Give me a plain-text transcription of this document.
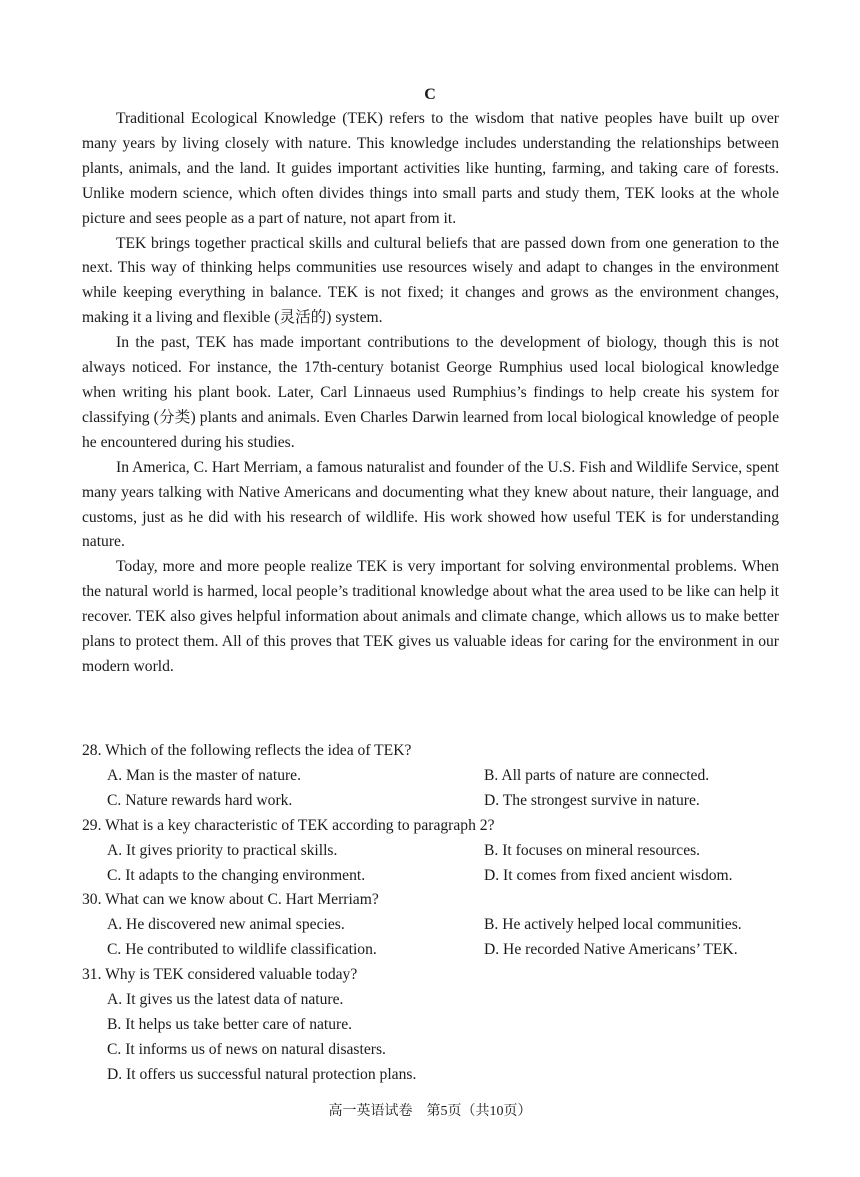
C

Traditional Ecological Knowledge (TEK) refers to the wisdom that native peoples have built up over many years by living closely with nature. This knowledge includes understanding the relationships between plants, animals, and the land. It guides important activities like hunting, farming, and taking care of forests. Unlike modern science, which often divides things into small parts and study them, TEK looks at the whole picture and sees people as a part of nature, not apart from it.

TEK brings together practical skills and cultural beliefs that are passed down from one generation to the next. This way of thinking helps communities use resources wisely and adapt to changes in the environment while keeping everything in balance. TEK is not fixed; it changes and grows as the environment changes, making it a living and flexible (灵活的) system.

In the past, TEK has made important contributions to the development of biology, though this is not always noticed. For instance, the 17th-century botanist George Rumphius used local biological knowledge when writing his plant book. Later, Carl Linnaeus used Rumphius’s findings to help create his system for classifying (分类) plants and animals. Even Charles Darwin learned from local biological knowledge of people he encountered during his studies.

In America, C. Hart Merriam, a famous naturalist and founder of the U.S. Fish and Wildlife Service, spent many years talking with Native Americans and documenting what they knew about nature, their language, and customs, just as he did with his research of wildlife. His work showed how useful TEK is for understanding nature.

Today, more and more people realize TEK is very important for solving environmental problems. When the natural world is harmed, local people’s traditional knowledge about what the area used to be like can help it recover. TEK also gives helpful information about animals and climate change, which allows us to make better plans to protect them. All of this proves that TEK gives us valuable ideas for caring for the environment in our modern world.

28. Which of the following reflects the idea of TEK?

A. Man is the master of nature.	B. All parts of nature are connected.
C. Nature rewards hard work.	D. The strongest survive in nature.

29. What is a key characteristic of TEK according to paragraph 2?

A. It gives priority to practical skills.	B. It focuses on mineral resources.
C. It adapts to the changing environment.	D. It comes from fixed ancient wisdom.

30. What can we know about C. Hart Merriam?

A. He discovered new animal species.	B. He actively helped local communities.
C. He contributed to wildlife classification.	D. He recorded Native Americans’ TEK.

31. Why is TEK considered valuable today?

A. It gives us the latest data of nature.
B. It helps us take better care of nature.
C. It informs us of news on natural disasters.
D. It offers us successful natural protection plans.
高一英语试卷　第5页（共10页）
